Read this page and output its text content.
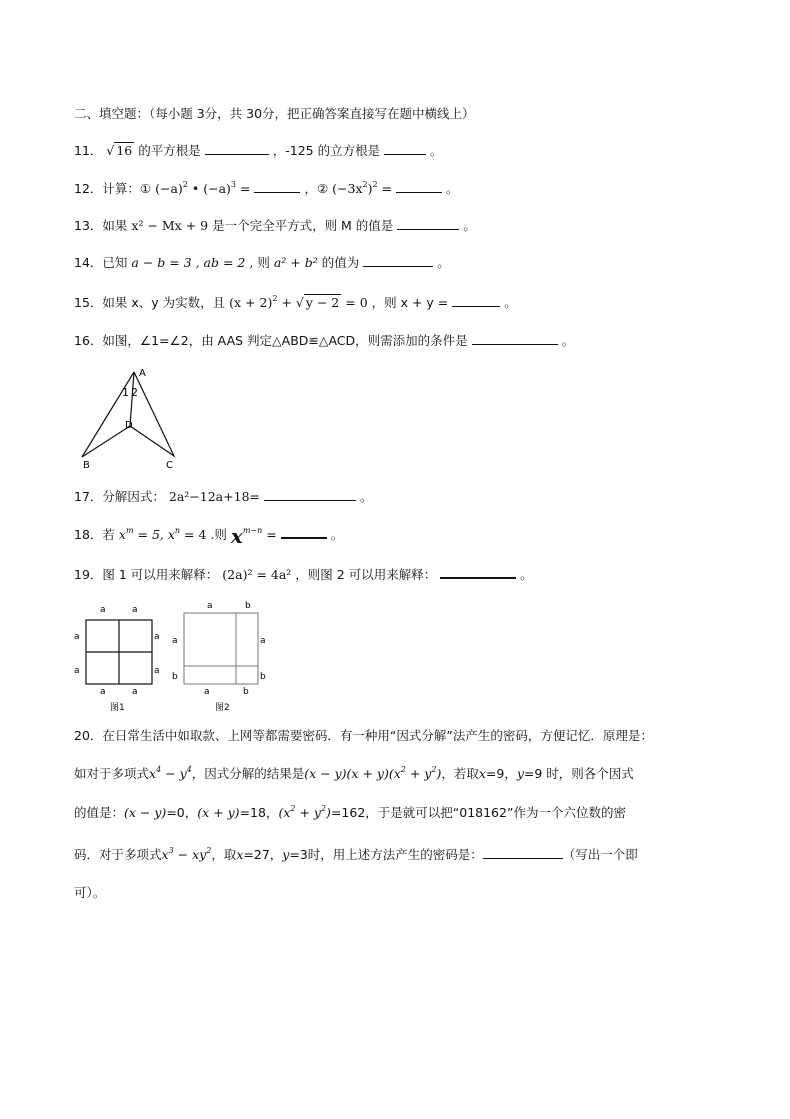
二、填空题：（每小题 3分，共 30分，把正确答案直接写在题中横线上）
11． √ 16 的平方根是	，-125 的立方根是	。
12．计算：① $(-a)^2$ • $(-a)^3$ =	，② $(-3x^2)^2$ =	。
13．如果 x² − Mx + 9 是一个完全平方式，则 M 的值是	。
14．已知 a − b = 3 , ab = 2 , 则 a² + b² 的值为	。
15．如果 x、y 为实数，且 $(x + 2)^2$ + √ y − 2 = 0 ，则 x + y =	。
16．如图，∠1=∠2，由 AAS 判定△ABD≌△ACD，则需添加的条件是	。
A
1 2
D
B	C
17．分解因式： 2a²−12a+18=	。
18．若 $x^m = 5$, $x^n = 4$ .则 $x^{m-n}$ =	。
19．图 1 可以用来解释： (2a)² = 4a² ，则图 2 可以用来解释：	。
a	a
a
a
a
a
a	a
图1
a	b
a
b
a
b
a	b
图2
20．在日常生活中如取款、上网等都需要密码．有一种用“因式分解”法产生的密码，方便记忆．原理是：
如对于多项式$x^4 - y^4$，因式分解的结果是$(x - y)(x + y)(x^2 + y^2)$，若取x=9，y=9 时，则各个因式
的值是：(x − y)=0，(x + y)=18，$(x^2 + y^2)=162$，于是就可以把“018162”作为一个六位数的密
码．对于多项式$x^3 - xy^2$，取x=27，y=3时，用上述方法产生的密码是：	（写出一个即
可）。
